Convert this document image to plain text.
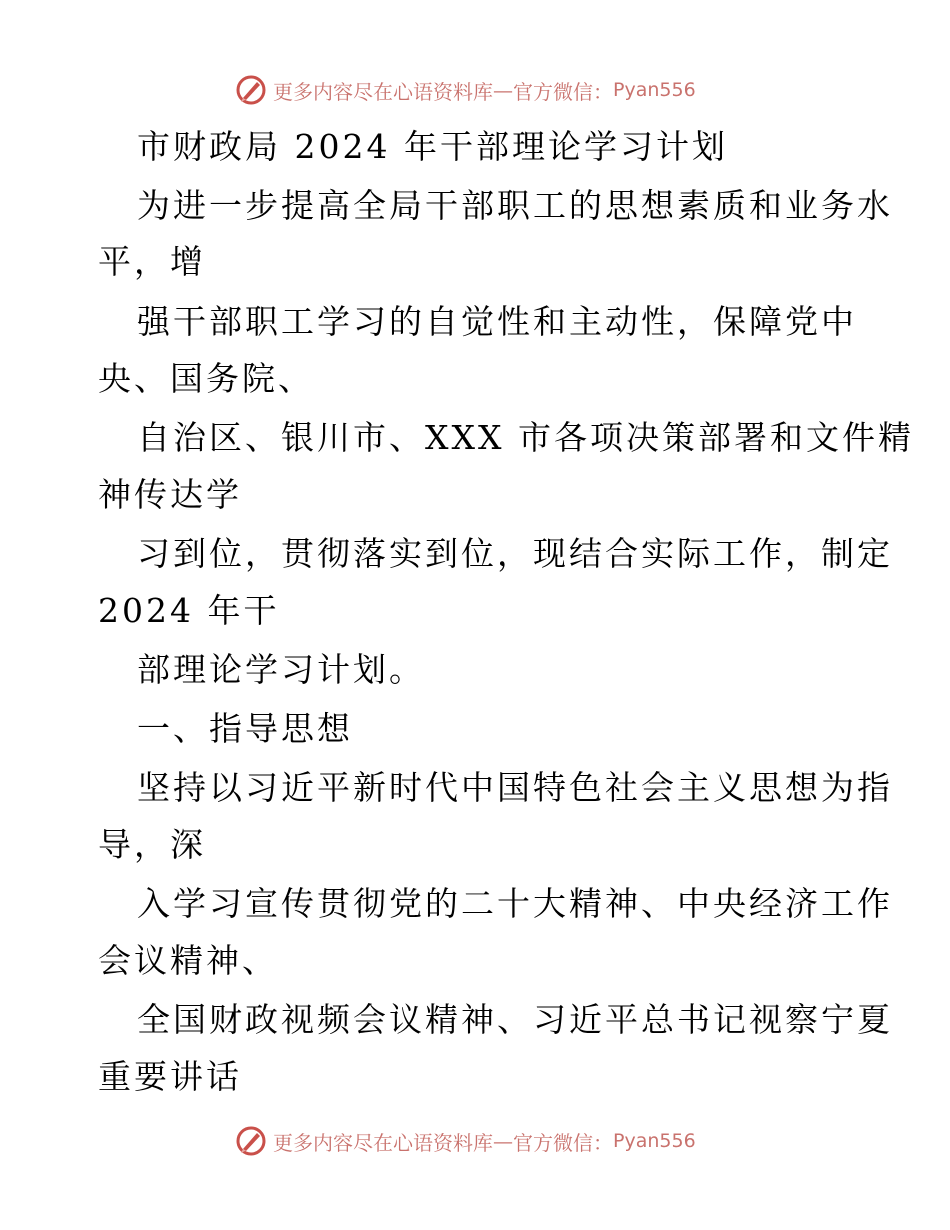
更多内容尽在心语资料库 — 官方微信： Pyan556
市财政局 2024 年干部理论学习计划
为进一步提高全局干部职工的思想素质和业务水
平，增
强干部职工学习的自觉性和主动性，保障党中
央、国务院、
自治区、银川市、XXX 市各项决策部署和文件精
神传达学
习到位，贯彻落实到位，现结合实际工作，制定
2024 年干
部理论学习计划。
一、指导思想
坚持以习近平新时代中国特色社会主义思想为指
导，深
入学习宣传贯彻党的二十大精神、中央经济工作
会议精神、
全国财政视频会议精神、习近平总书记视察宁夏
重要讲话
更多内容尽在心语资料库 — 官方微信： Pyan556
